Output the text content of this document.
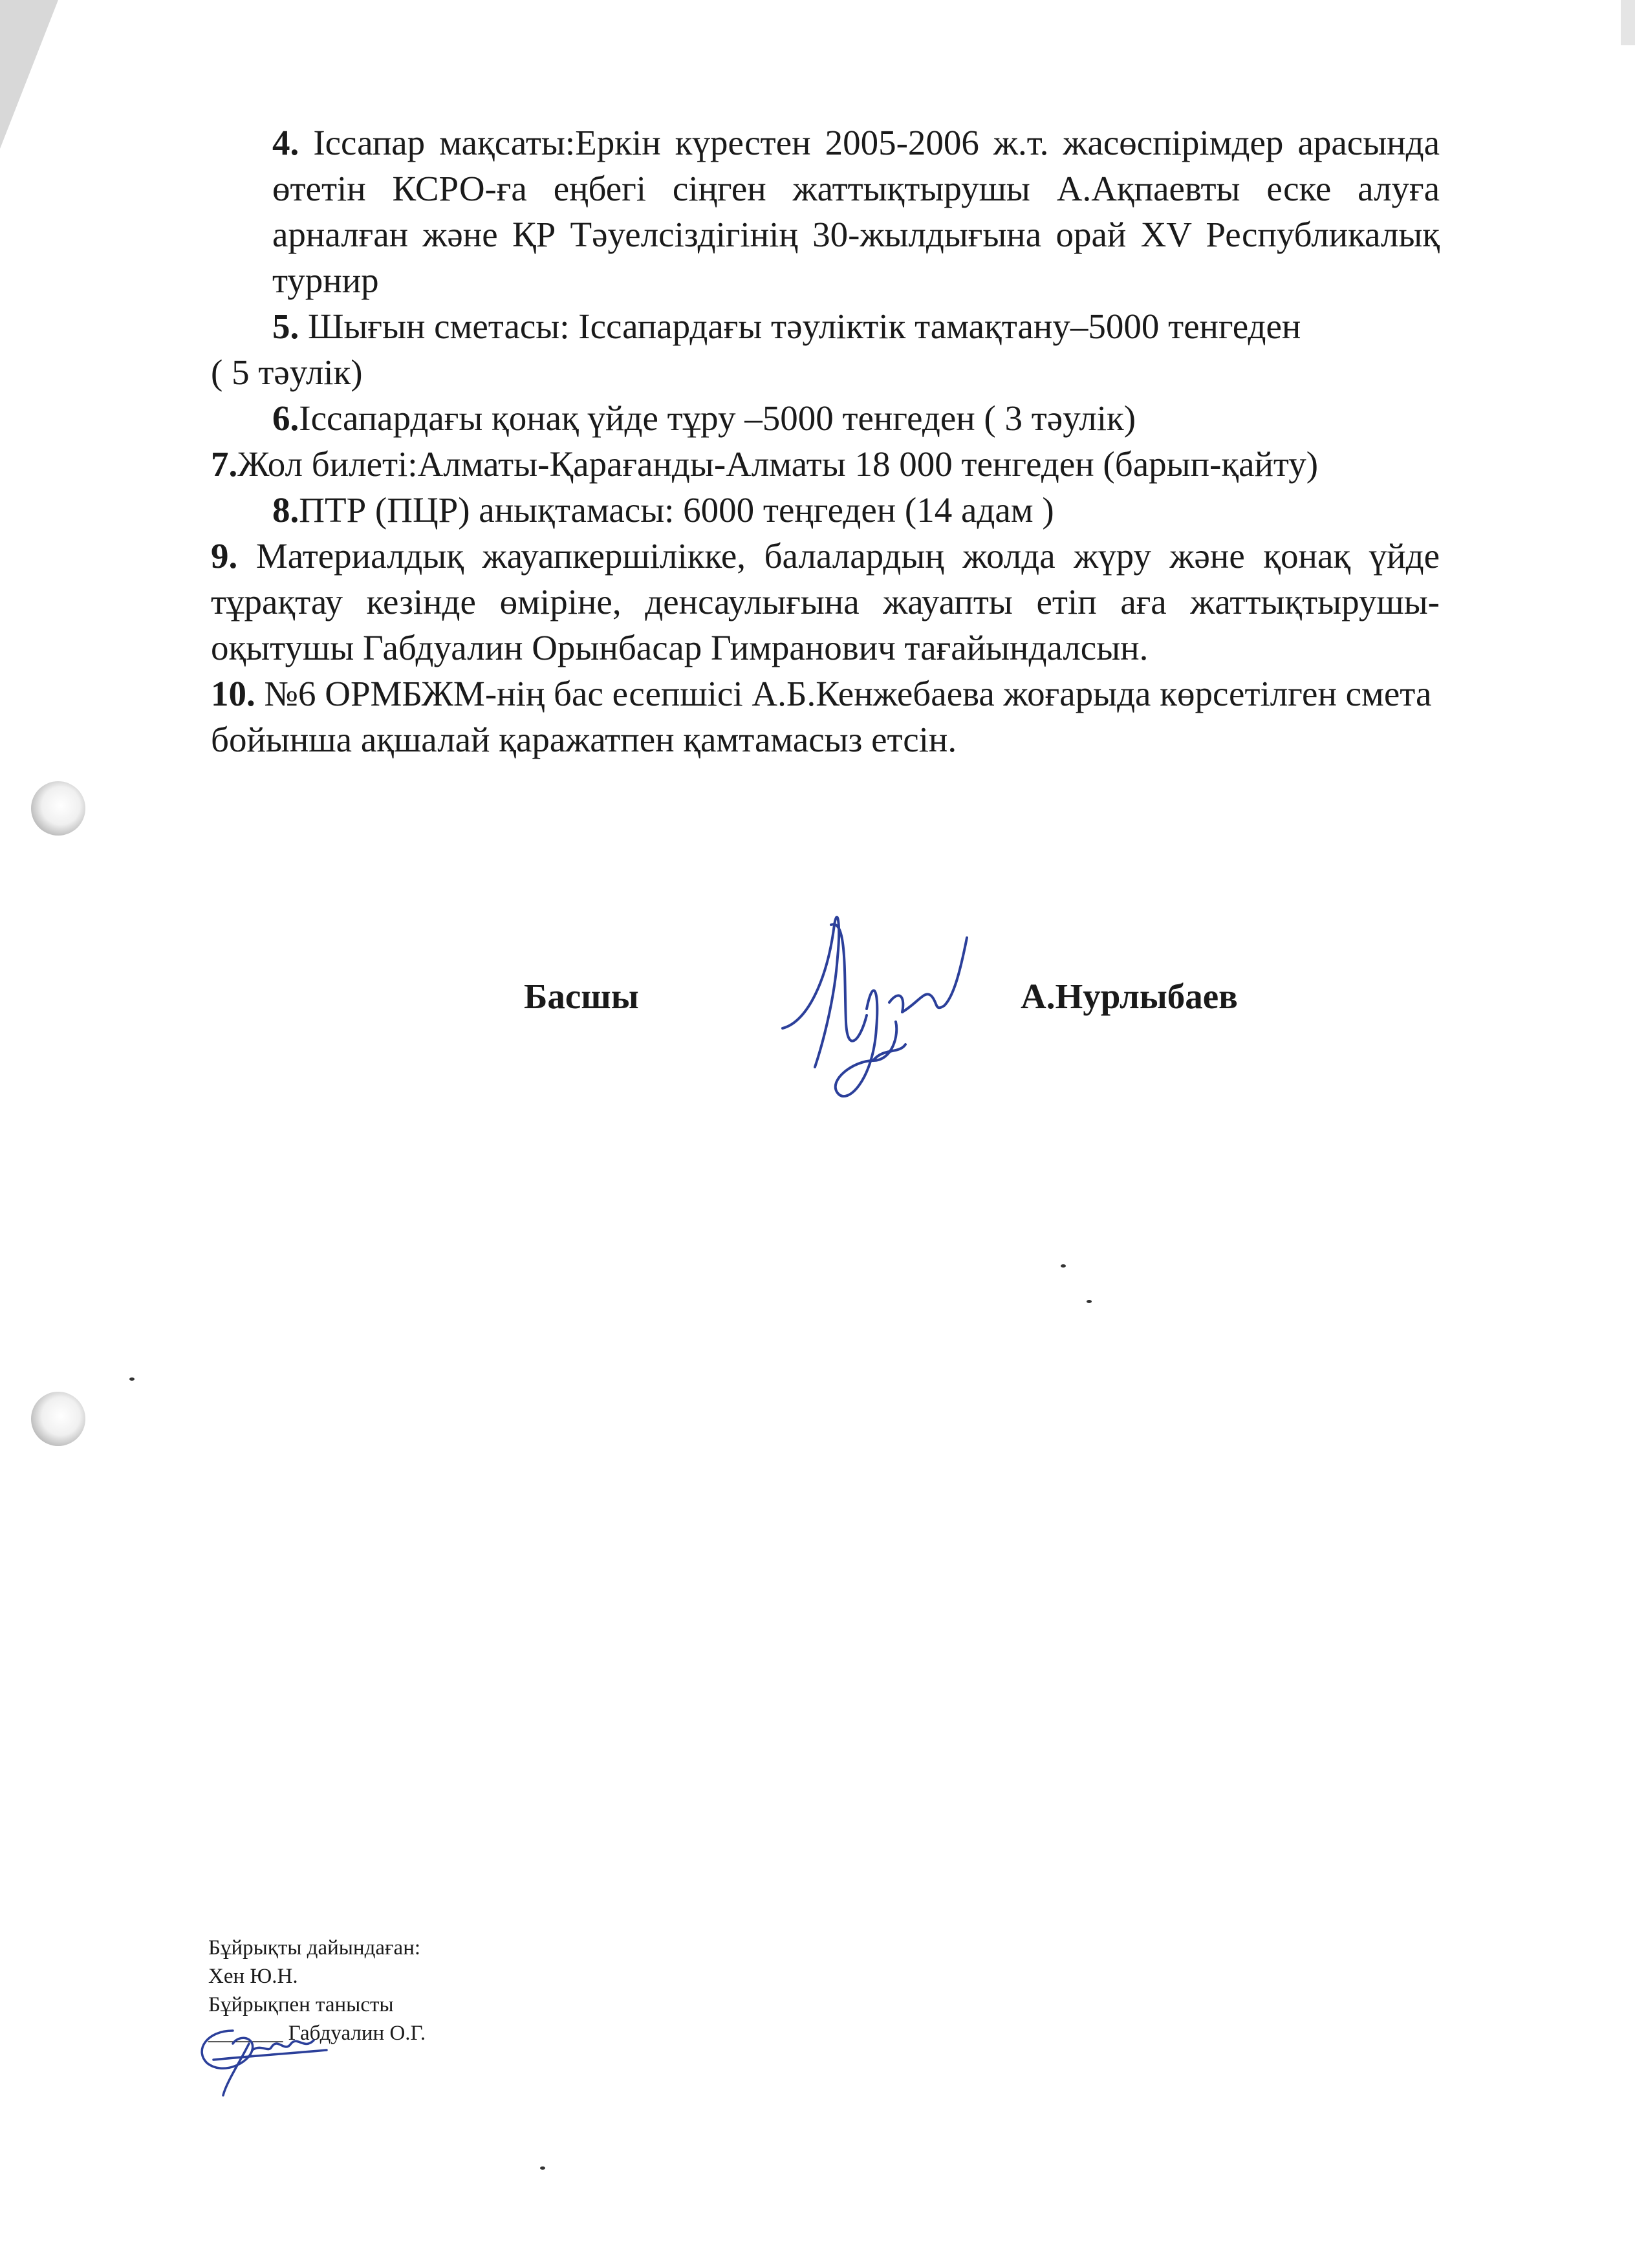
4. Іссапар мақсаты:Еркін күрестен 2005-2006 ж.т. жасөспірімдер арасында өтетін КСРО-ға еңбегі сіңген жаттықтырушы А.Ақпаевты еске алуға арналған және ҚР Тәуелсіздігінің 30-жылдығына орай XV Республикалық турнир

5. Шығын сметасы: Іссапардағы тәуліктік тамақтану–5000 тенгеден

( 5 тәулік)

6.Іссапардағы қонақ үйде тұру –5000 тенгеден ( 3 тәулік)

7.Жол билеті:Алматы-Қарағанды-Алматы 18 000 тенгеден (барып-қайту)

8.ПТР (ПЦР) анықтамасы: 6000 теңгеден (14 адам )

9. Материалдық жауапкершілікке, балалардың жолда жүру және қонақ үйде тұрақтау кезінде өміріне, денсаулығына жауапты етіп аға жаттықтырушы-оқытушы Габдуалин Орынбасар Гимранович тағайындалсын.

10. №6 ОРМБЖМ-нің бас есепшісі А.Б.Кенжебаева жоғарыда көрсетілген смета бойынша ақшалай қаражатпен қамтамасыз етсін.

Басшы	А.Нурлыбаев
Бұйрықты дайындаған:
Хен Ю.Н.
Бұйрықпен танысты
_______ Габдуалин О.Г.
